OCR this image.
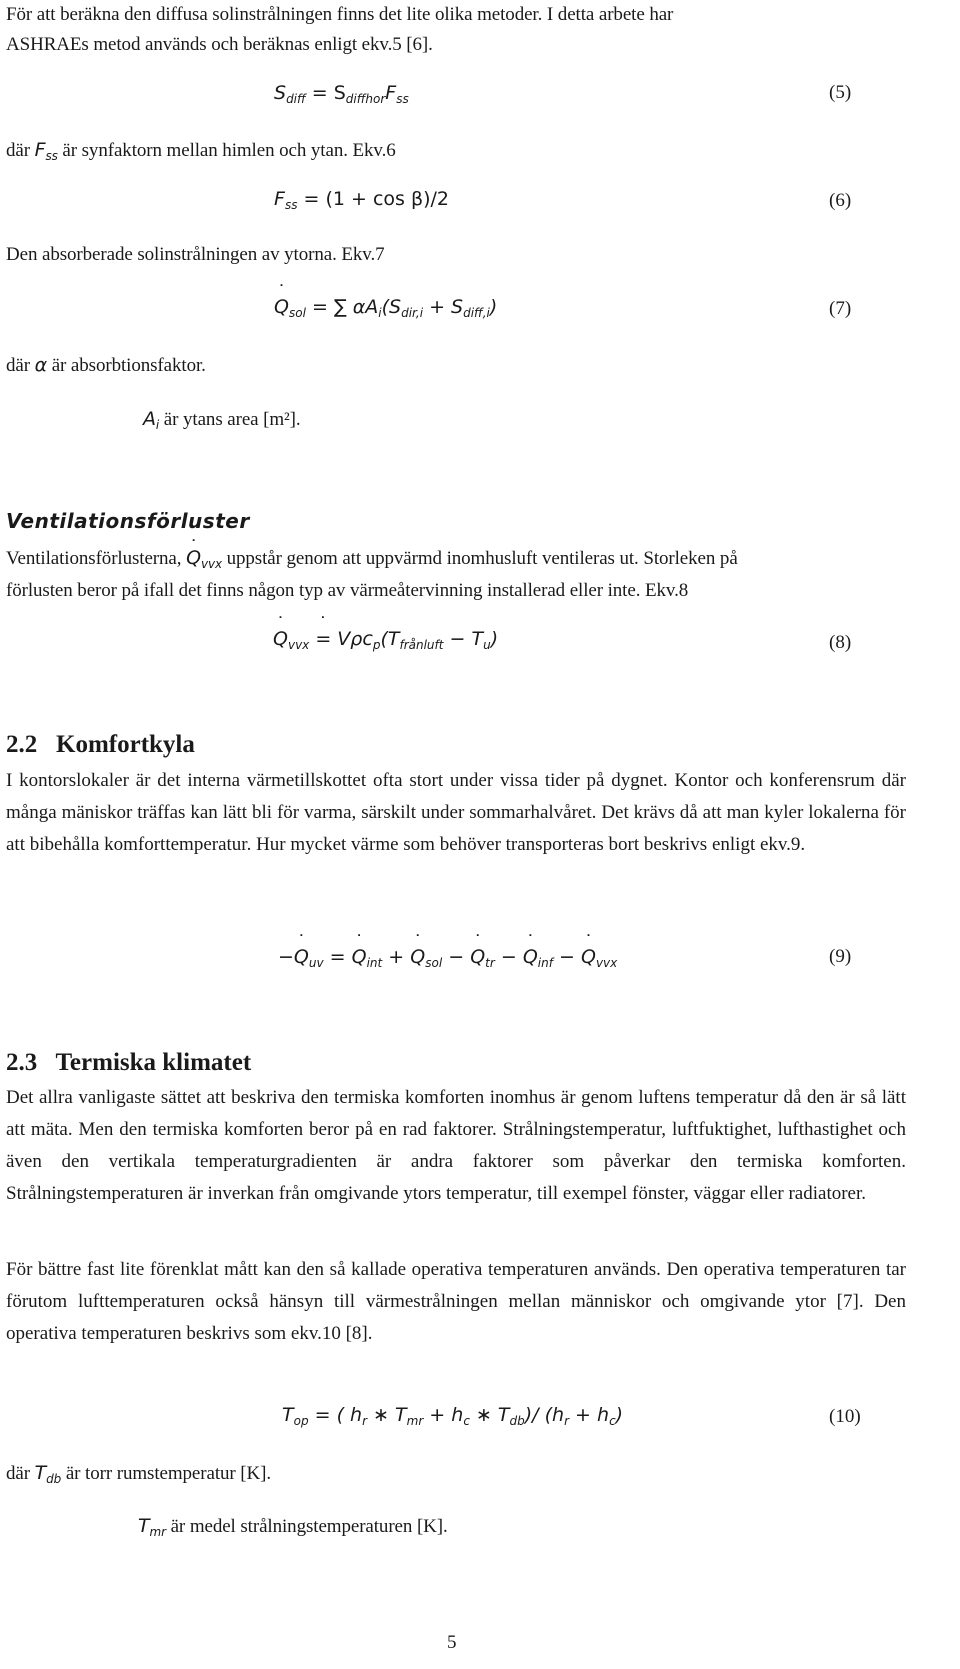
För att beräkna den diffusa solinstrålningen finns det lite olika metoder. I detta arbete har
ASHRAEs metod används och beräknas enligt ekv.5 [6].
$S_{diff} = S_{diffhor}F_{ss}$	(5)
där $F_{ss}$ är synfaktorn mellan himlen och ytan. Ekv.6
$F_{ss} = (1 + \cos \beta)/2$	(6)
Den absorberade solinstrålningen av ytorna. Ekv.7
˙ $Q_{sol}$ = ∑ $\alpha A_i(S_{dir,i} + S_{diff,i})$	(7)
där α är absorbtionsfaktor.
$A_i$ är ytans area [m²].
Ventilationsförluster
Ventilationsförlusterna, ˙ $Q_{vvx}$ uppstår genom att uppvärmd inomhusluft ventileras ut. Storleken på
förlusten beror på ifall det finns någon typ av värmeåtervinning installerad eller inte. Ekv.8
˙ $Q_{vvx}$ ˙ = $V\rho c_p(T_{frånluft} - T_u)$	(8)
2.2   Komfortkyla
I kontorslokaler är det interna värmetillskottet ofta stort under vissa tider på dygnet. Kontor och konferensrum där många mäniskor träffas kan lätt bli för varma, särskilt under sommarhalvåret. Det krävs då att man kyler lokalerna för att bibehålla komforttemperatur. Hur mycket värme som behöver transporteras bort beskrivs enligt ekv.9.
−˙ $Q_{uv}$ = ˙ $Q_{int}$ + ˙ $Q_{sol}$ − ˙ $Q_{tr}$ − ˙ $Q_{inf}$ − ˙ $Q_{vvx}$	(9)
2.3   Termiska klimatet
Det allra vanligaste sättet att beskriva den termiska komforten inomhus är genom luftens temperatur då den är så lätt att mäta. Men den termiska komforten beror på en rad faktorer. Strålningstemperatur, luftfuktighet, lufthastighet och även den vertikala temperaturgradienten är andra faktorer som påverkar den termiska komforten. Strålningstemperaturen är inverkan från omgivande ytors temperatur, till exempel fönster, väggar eller radiatorer.
För bättre fast lite förenklat mått kan den så kallade operativa temperaturen används. Den operativa temperaturen tar förutom lufttemperaturen också hänsyn till värmestrålningen mellan människor och omgivande ytor [7]. Den operativa temperaturen beskrivs som ekv.10 [8].
$T_{op}$ = ( $h_r$ ∗ $T_{mr} + h_c$ ∗ $T_{db})/$ $(h_r + h_c)$	(10)
där $T_{db}$ är torr rumstemperatur [K].
$T_{mr}$ är medel strålningstemperaturen [K].
5
